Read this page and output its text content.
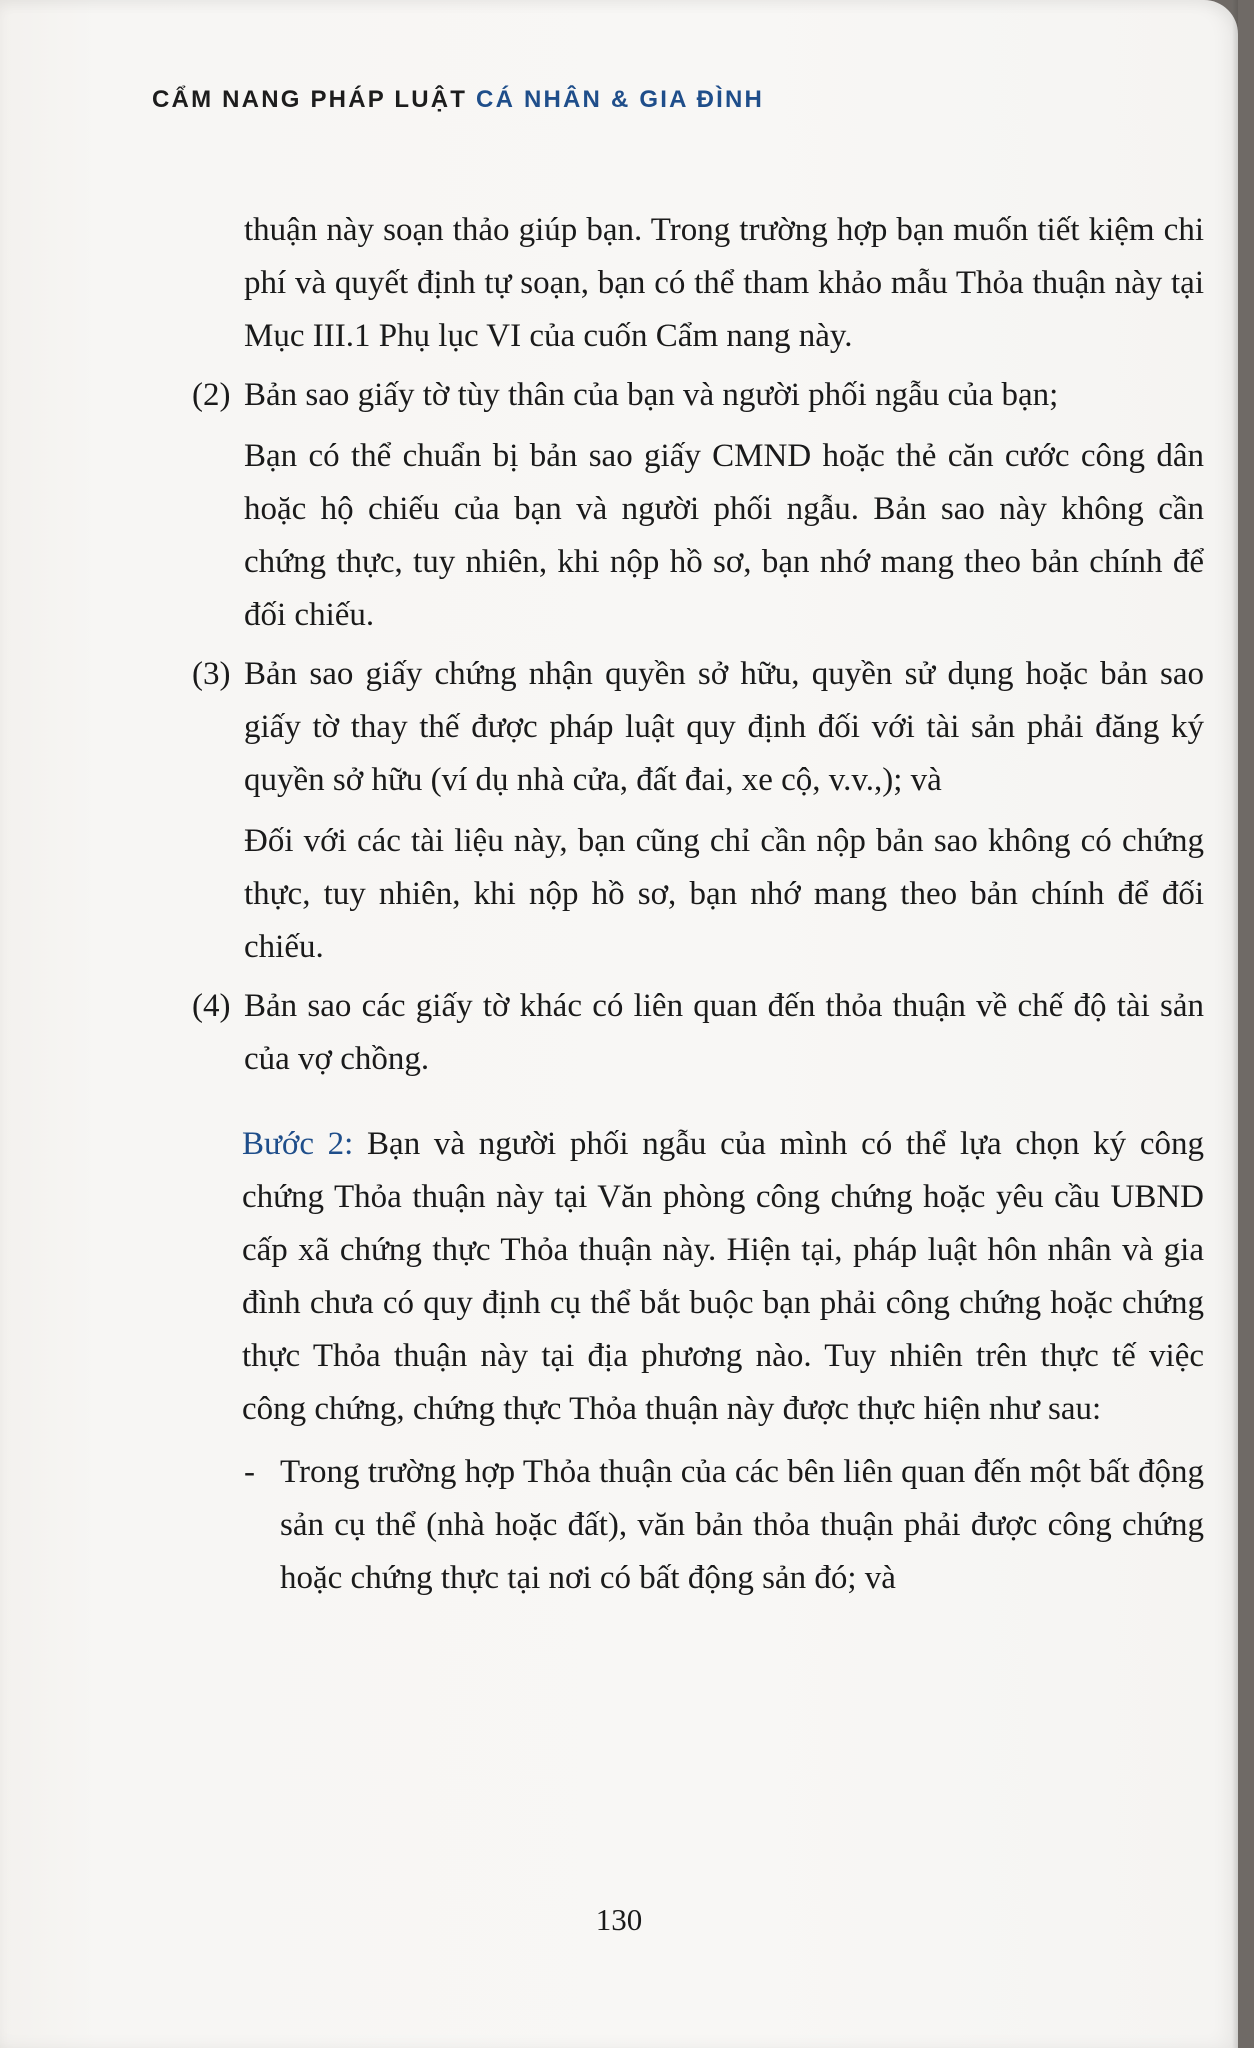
CẨM NANG PHÁP LUẬT CÁ NHÂN & GIA ĐÌNH

thuận này soạn thảo giúp bạn. Trong trường hợp bạn muốn tiết kiệm chi phí và quyết định tự soạn, bạn có thể tham khảo mẫu Thỏa thuận này tại Mục III.1 Phụ lục VI của cuốn Cẩm nang này.

(2) Bản sao giấy tờ tùy thân của bạn và người phối ngẫu của bạn;

Bạn có thể chuẩn bị bản sao giấy CMND hoặc thẻ căn cước công dân hoặc hộ chiếu của bạn và người phối ngẫu. Bản sao này không cần chứng thực, tuy nhiên, khi nộp hồ sơ, bạn nhớ mang theo bản chính để đối chiếu.

(3) Bản sao giấy chứng nhận quyền sở hữu, quyền sử dụng hoặc bản sao giấy tờ thay thế được pháp luật quy định đối với tài sản phải đăng ký quyền sở hữu (ví dụ nhà cửa, đất đai, xe cộ, v.v.,); và

Đối với các tài liệu này, bạn cũng chỉ cần nộp bản sao không có chứng thực, tuy nhiên, khi nộp hồ sơ, bạn nhớ mang theo bản chính để đối chiếu.

(4) Bản sao các giấy tờ khác có liên quan đến thỏa thuận về chế độ tài sản của vợ chồng.

Bước 2: Bạn và người phối ngẫu của mình có thể lựa chọn ký công chứng Thỏa thuận này tại Văn phòng công chứng hoặc yêu cầu UBND cấp xã chứng thực Thỏa thuận này. Hiện tại, pháp luật hôn nhân và gia đình chưa có quy định cụ thể bắt buộc bạn phải công chứng hoặc chứng thực Thỏa thuận này tại địa phương nào. Tuy nhiên trên thực tế việc công chứng, chứng thực Thỏa thuận này được thực hiện như sau:

- Trong trường hợp Thỏa thuận của các bên liên quan đến một bất động sản cụ thể (nhà hoặc đất), văn bản thỏa thuận phải được công chứng hoặc chứng thực tại nơi có bất động sản đó; và

130
